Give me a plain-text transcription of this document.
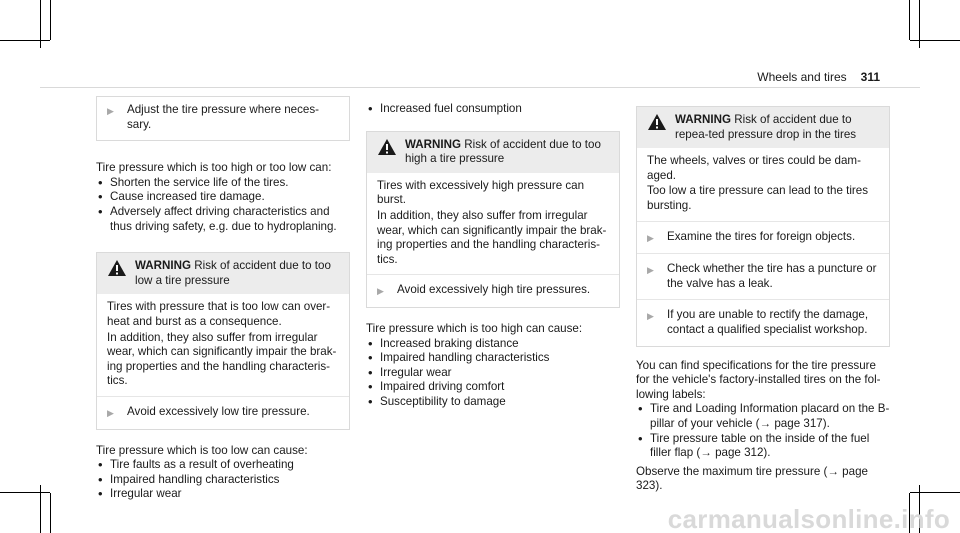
Wheels and tires 311
▶	Adjust the tire pressure where neces-sary.

Tire pressure which is too high or too low can:

• Shorten the service life of the tires.
• Cause increased tire damage.
• Adversely affect driving characteristics and thus driving safety, e.g. due to hydroplaning.
WARNING Risk of accident due to too low a tire pressure

Tires with pressure that is too low can over-heat and burst as a consequence.

In addition, they also suffer from irregular wear, which can significantly impair the brak-ing properties and the handling characteris-tics.

▶	Avoid excessively low tire pressure.

Tire pressure which is too low can cause:

• Tire faults as a result of overheating
• Impaired handling characteristics
• Irregular wear
• Increased fuel consumption
WARNING Risk of accident due to too high a tire pressure

Tires with excessively high pressure can burst.

In addition, they also suffer from irregular wear, which can significantly impair the brak-ing properties and the handling characteris-tics.

▶	Avoid excessively high tire pressures.

Tire pressure which is too high can cause:

• Increased braking distance
• Impaired handling characteristics
• Irregular wear
• Impaired driving comfort
• Susceptibility to damage
WARNING Risk of accident due to repea-ted pressure drop in the tires

The wheels, valves or tires could be dam-aged.

Too low a tire pressure can lead to the tires bursting.

▶	Examine the tires for foreign objects.
▶	Check whether the tire has a puncture or the valve has a leak.
▶	If you are unable to rectify the damage, contact a qualified specialist workshop.

You can find specifications for the tire pressure for the vehicle's factory-installed tires on the fol-lowing labels:

• Tire and Loading Information placard on the B-pillar of your vehicle (→ page 317).
• Tire pressure table on the inside of the fuel filler flap (→ page 312).

Observe the maximum tire pressure (→ page 323).

carmanualsonline.info
